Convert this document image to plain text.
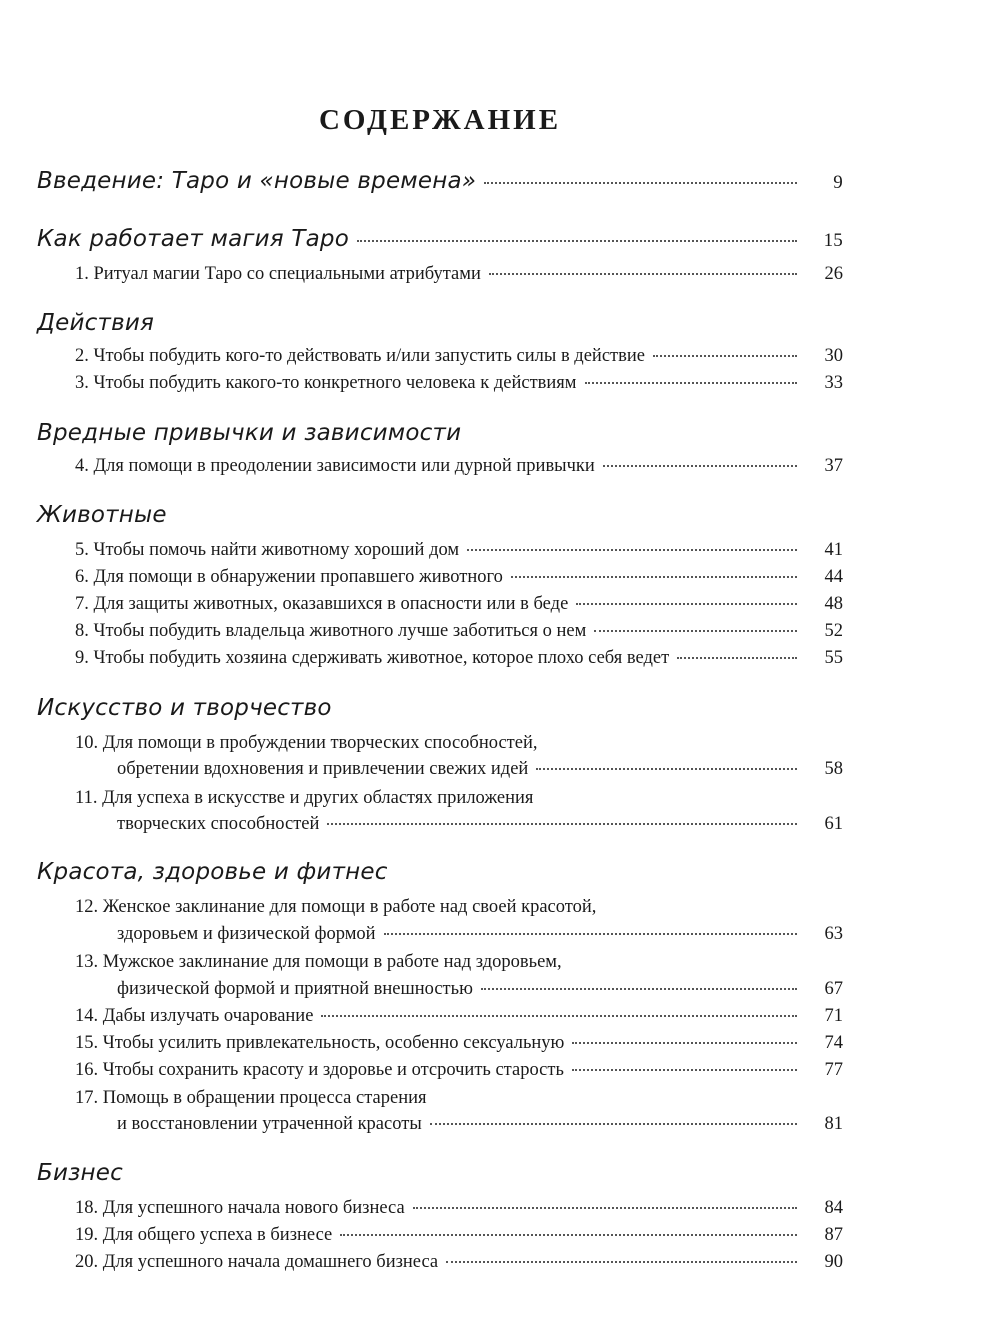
СОДЕРЖАНИЕ
Введение: Таро и «новые времена»	9
Как работает магия Таро	15
1. Ритуал магии Таро со специальными атрибутами	26
Действия
2. Чтобы побудить кого-то действовать и/или запустить силы в действие	30
3. Чтобы побудить какого-то конкретного человека к действиям	33
Вредные привычки и зависимости
4. Для помощи в преодолении зависимости или дурной привычки	37
Животные
5. Чтобы помочь найти животному хороший дом	41
6. Для помощи в обнаружении пропавшего животного	44
7. Для защиты животных, оказавшихся в опасности или в беде	48
8. Чтобы побудить владельца животного лучше заботиться о нем	52
9. Чтобы побудить хозяина сдерживать животное, которое плохо себя ведет	55
Искусство и творчество
10. Для помощи в пробуждении творческих способностей,
обретении вдохновения и привлечении свежих идей	58
11. Для успеха в искусстве и других областях приложения
творческих способностей	61
Красота, здоровье и фитнес
12. Женское заклинание для помощи в работе над своей красотой,
здоровьем и физической формой	63
13. Мужское заклинание для помощи в работе над здоровьем,
физической формой и приятной внешностью	67
14. Дабы излучать очарование	71
15. Чтобы усилить привлекательность, особенно сексуальную	74
16. Чтобы сохранить красоту и здоровье и отсрочить старость	77
17. Помощь в обращении процесса старения
и восстановлении утраченной красоты	81
Бизнес
18. Для успешного начала нового бизнеса	84
19. Для общего успеха в бизнесе	87
20. Для успешного начала домашнего бизнеса	90
